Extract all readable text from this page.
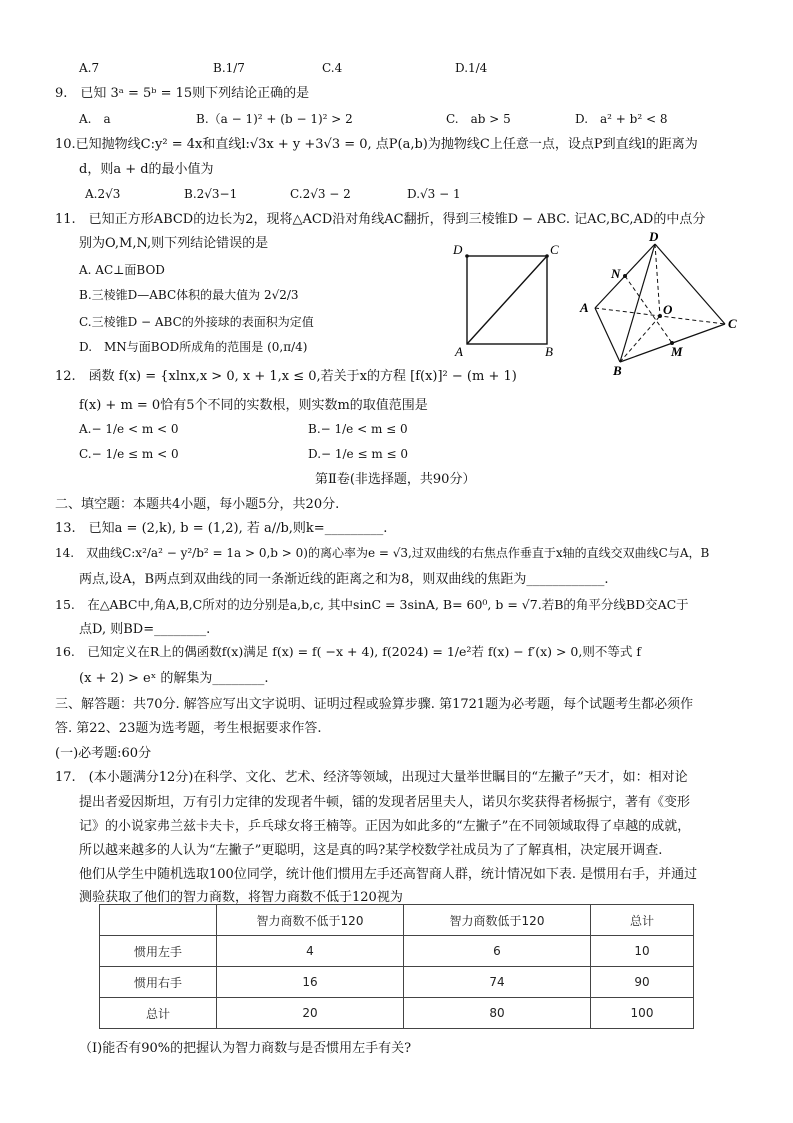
A.7	B.1/7	C.4	D.1/4
9.　已知 3ᵃ = 5ᵇ = 15则下列结论正确的是
A.　a	B.（a − 1)² + (b − 1)² > 2	C.　ab > 5	D.　a² + b² < 8
10.已知抛物线C:y² = 4x和直线l:√3x + y +3√3 = 0, 点P(a,b)为抛物线C上任意一点，设点P到直线l的距离为
d，则a + d的最小值为
A.2√3	B.2√3−1	C.2√3 − 2	D.√3 − 1
11.　已知正方形ABCD的边长为2，现将△ACD沿对角线AC翻折，得到三棱锥D − ABC. 记AC,BC,AD的中点分
别为O,M,N,则下列结论错误的是
A. AC⊥面BOD
B.三棱锥D—ABC体积的最大值为 2√2/3
C.三棱锥D − ABC的外接球的表面积为定值
D.　MN与面BOD所成角的范围是 (0,π/4)
D	C
A	B
D
N
A	O
C
M
B
12.　函数 f(x) = {xlnx,x > 0, x + 1,x ≤ 0,若关于x的方程 [f(x)]² − (m + 1)
f(x) + m = 0恰有5个不同的实数根，则实数m的取值范围是
A.− 1/e < m < 0	B.− 1/e < m ≤ 0
C.− 1/e ≤ m < 0	D.− 1/e ≤ m ≤ 0
第Ⅱ卷(非选择题，共90分）
二、填空题：本题共4小题，每小题5分，共20分.
13.　已知a = (2,k), b = (1,2), 若 a//b,则k=_________.
14.　双曲线C:x²/a² − y²/b² = 1a > 0,b > 0)的离心率为e = √3,过双曲线的右焦点作垂直于x轴的直线交双曲线C与A，B
两点,设A，B两点到双曲线的同一条渐近线的距离之和为8，则双曲线的焦距为____________.
15.　在△ABC中,角A,B,C所对的边分别是a,b,c, 其中sinC = 3sinA, B= 60⁰, b = √7.若B的角平分线BD交AC于
点D, 则BD=________.
16.　已知定义在R上的偶函数f(x)满足 f(x) = f( −x + 4), f(2024) = 1/e²若 f(x) − f′(x) > 0,则不等式 f
(x + 2) > eˣ 的解集为________.
三、解答题：共70分. 解答应写出文字说明、证明过程或验算步骤. 第1721题为必考题，每个试题考生都必须作
答. 第22、23题为选考题，考生根据要求作答.
(一)必考题:60分
17.　(本小题满分12分)在科学、文化、艺术、经济等领域，出现过大量举世瞩目的“左撇子”天才，如：相对论
提出者爱因斯坦，万有引力定律的发现者牛顿，镭的发现者居里夫人，诺贝尔奖获得者杨振宁，著有《变形
记》的小说家弗兰兹卡夫卡，乒乓球女将王楠等。正因为如此多的“左撇子”在不同领域取得了卓越的成就，
所以越来越多的人认为“左撇子”更聪明，这是真的吗?某学校数学社成员为了了解真相，决定展开调查.
他们从学生中随机选取100位同学，统计他们惯用左手还高智商人群，统计情况如下表. 是惯用右手，并通过
测验获取了他们的智力商数，将智力商数不低于120视为
	智力商数不低于120	智力商数低于120	总计
惯用左手	4	6	10
惯用右手	16	74	90
总计	20	80	100
（Ⅰ)能否有90%的把握认为智力商数与是否惯用左手有关?
